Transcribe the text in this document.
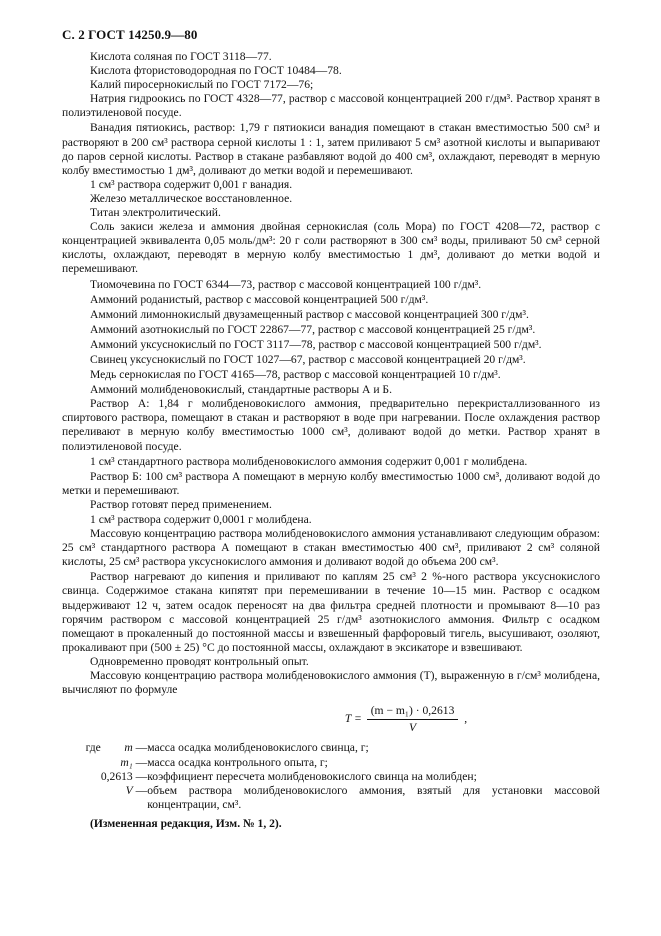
С. 2 ГОСТ 14250.9—80

Кислота соляная по ГОСТ 3118—77.

Кислота фтористоводородная по ГОСТ 10484—78.

Калий пиросернокислый по ГОСТ 7172—76;

Натрия гидроокись по ГОСТ 4328—77, раствор с массовой концентрацией 200 г/дм³. Раствор хранят в полиэтиленовой посуде.

Ванадия пятиокись, раствор: 1,79 г пятиокиси ванадия помещают в стакан вместимостью 500 см³ и растворяют в 200 см³ раствора серной кислоты 1 : 1, затем приливают 5 см³ азотной кислоты и выпаривают до паров серной кислоты. Раствор в стакане разбавляют водой до 400 см³, охлаждают, переводят в мерную колбу вместимостью 1 дм³, доливают до метки водой и перемешивают.

1 см³ раствора содержит 0,001 г ванадия.

Железо металлическое восстановленное.

Титан электролитический.

Соль закиси железа и аммония двойная сернокислая (соль Мора) по ГОСТ 4208—72, раствор с концентрацией эквивалента 0,05 моль/дм³: 20 г соли растворяют в 300 см³ воды, приливают 50 см³ серной кислоты, охлаждают, переводят в мерную колбу вместимостью 1 дм³, доливают до метки водой и перемешивают.

Тиомочевина по ГОСТ 6344—73, раствор с массовой концентрацией 100 г/дм³.

Аммоний роданистый, раствор с массовой концентрацией 500 г/дм³.

Аммоний лимоннокислый двузамещенный раствор с массовой концентрацией 300 г/дм³.

Аммоний азотнокислый по ГОСТ 22867—77, раствор с массовой концентрацией 25 г/дм³.

Аммоний уксуснокислый по ГОСТ 3117—78, раствор с массовой концентрацией 500 г/дм³.

Свинец уксуснокислый по ГОСТ 1027—67, раствор с массовой концентрацией 20 г/дм³.

Медь сернокислая по ГОСТ 4165—78, раствор с массовой концентрацией 10 г/дм³.

Аммоний молибденовокислый, стандартные растворы А и Б.

Раствор А: 1,84 г молибденовокислого аммония, предварительно перекристаллизованного из спиртового раствора, помещают в стакан и растворяют в воде при нагревании. После охлаждения раствор переливают в мерную колбу вместимостью 1000 см³, доливают водой до метки. Раствор хранят в полиэтиленовой посуде.

1 см³ стандартного раствора молибденовокислого аммония содержит 0,001 г молибдена.

Раствор Б: 100 см³ раствора А помещают в мерную колбу вместимостью 1000 см³, доливают водой до метки и перемешивают.

Раствор готовят перед применением.

1 см³ раствора содержит 0,0001 г молибдена.

Массовую концентрацию раствора молибденовокислого аммония устанавливают следующим образом: 25 см³ стандартного раствора А помещают в стакан вместимостью 400 см³, приливают 2 см³ соляной кислоты, 25 см³ раствора уксуснокислого аммония и доливают водой до объема 200 см³.

Раствор нагревают до кипения и приливают по каплям 25 см³ 2 %-ного раствора уксуснокислого свинца. Содержимое стакана кипятят при перемешивании в течение 10—15 мин. Раствор с осадком выдерживают 12 ч, затем осадок переносят на два фильтра средней плотности и промывают 8—10 раз горячим раствором с массовой концентрацией 25 г/дм³ азотнокислого аммония. Фильтр с осадком помещают в прокаленный до постоянной массы и взвешенный фарфоровый тигель, высушивают, озоляют, прокаливают при (500 ± 25) °С до постоянной массы, охлаждают в эксикаторе и взвешивают.

Одновременно проводят контрольный опыт.

Массовую концентрацию раствора молибденовокислого аммония (T), выраженную в г/см³ молибдена, вычисляют по формуле

$T = \frac{\text{(m − m₁) · 0,2613}}{V}$ ,
где	m —	масса осадка молибденовокислого свинца, г;
	m₁ —	масса осадка контрольного опыта, г;
	0,2613 —	коэффициент пересчета молибденовокислого свинца на молибден;
	V —	объем раствора молибденовокислого аммония, взятый для установки массовой концентрации, см³.

(Измененная редакция, Изм. № 1, 2).
